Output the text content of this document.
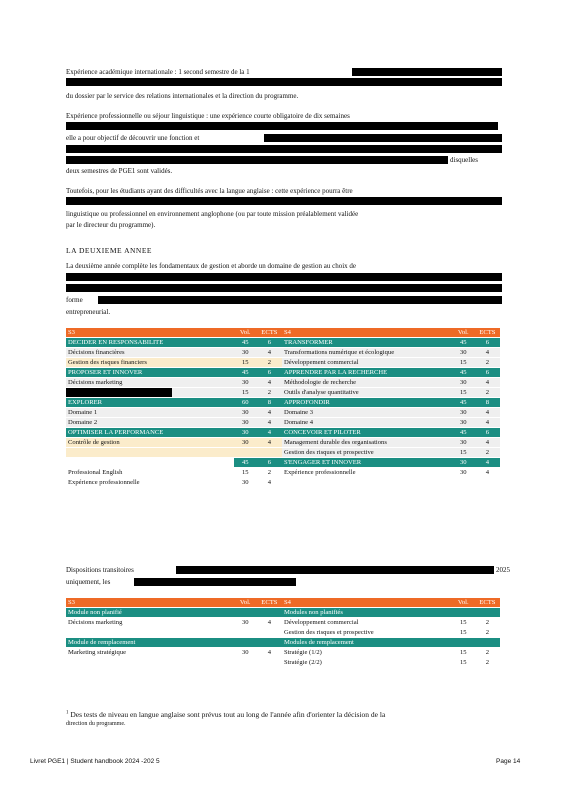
Expérience académique internationale : 1 second semestre de la 1

du dossier par le service des relations internationales et la direction du programme.

Expérience professionnelle ou séjour linguistique : une expérience courte obligatoire de dix semaines

elle a pour objectif de découvrir une fonction et

disquelles

deux semestres de PGE1 sont validés.

Toutefois, pour les étudiants ayant des difficultés avec la langue anglaise : cette expérience pourra être

linguistique ou professionnel en environnement anglophone (ou par toute mission préalablement validée

par le directeur du programme).

LA DEUXIEME ANNEE

La deuxième année complète les fondamentaux de gestion et aborde un domaine de gestion au choix de

forme

entrepreneurial.

S3	Vol.	ECTS	S4	Vol.	ECTS
DECIDER EN RESPONSABILITE	45	6	TRANSFORMER	45	6
Décisions financières	30	4	Transformations numérique et écologique	30	4
Gestion des risques financiers	15	2	Développement commercial	15	2
PROPOSER ET INNOVER	45	6	APPRENDRE PAR LA RECHERCHE	45	6
Décisions marketing	30	4	Méthodologie de recherche	30	4

	15	2	Outils d'analyse quantitative	15	2
EXPLORER	60	8	APPROFONDIR	45	8
Domaine 1	30	4	Domaine 3	30	4
Domaine 2	30	4	Domaine 4	30	4
OPTIMISER LA PERFORMANCE	30	4	CONCEVOIR ET PILOTER	45	6
Contrôle de gestion	30	4	Management durable des organisations	30	4
			Gestion des risques et prospective	15	2
	45	6	S'ENGAGER ET INNOVER	30	4
Professional English	15	2	Expérience professionnelle	30	4
Expérience professionnelle	30	4			

Dispositions transitoires	2025

uniquement, les

S3	Vol.	ECTS	S4	Vol.	ECTS
Module non planifié			Modules non planifiés		
Décisions marketing	30	4	Développement commercial	15	2
			Gestion des risques et prospective	15	2
Module de remplacement			Modules de remplacement		
Marketing stratégique	30	4	Stratégie (1/2)	15	2
			Stratégie (2/2)	15	2
$^1$ Des tests de niveau en langue anglaise sont prévus tout au long de l'année afin d'orienter la décision de la
direction du programme.
Livret PGE1 | Student handbook 2024 -202 5	Page 14
